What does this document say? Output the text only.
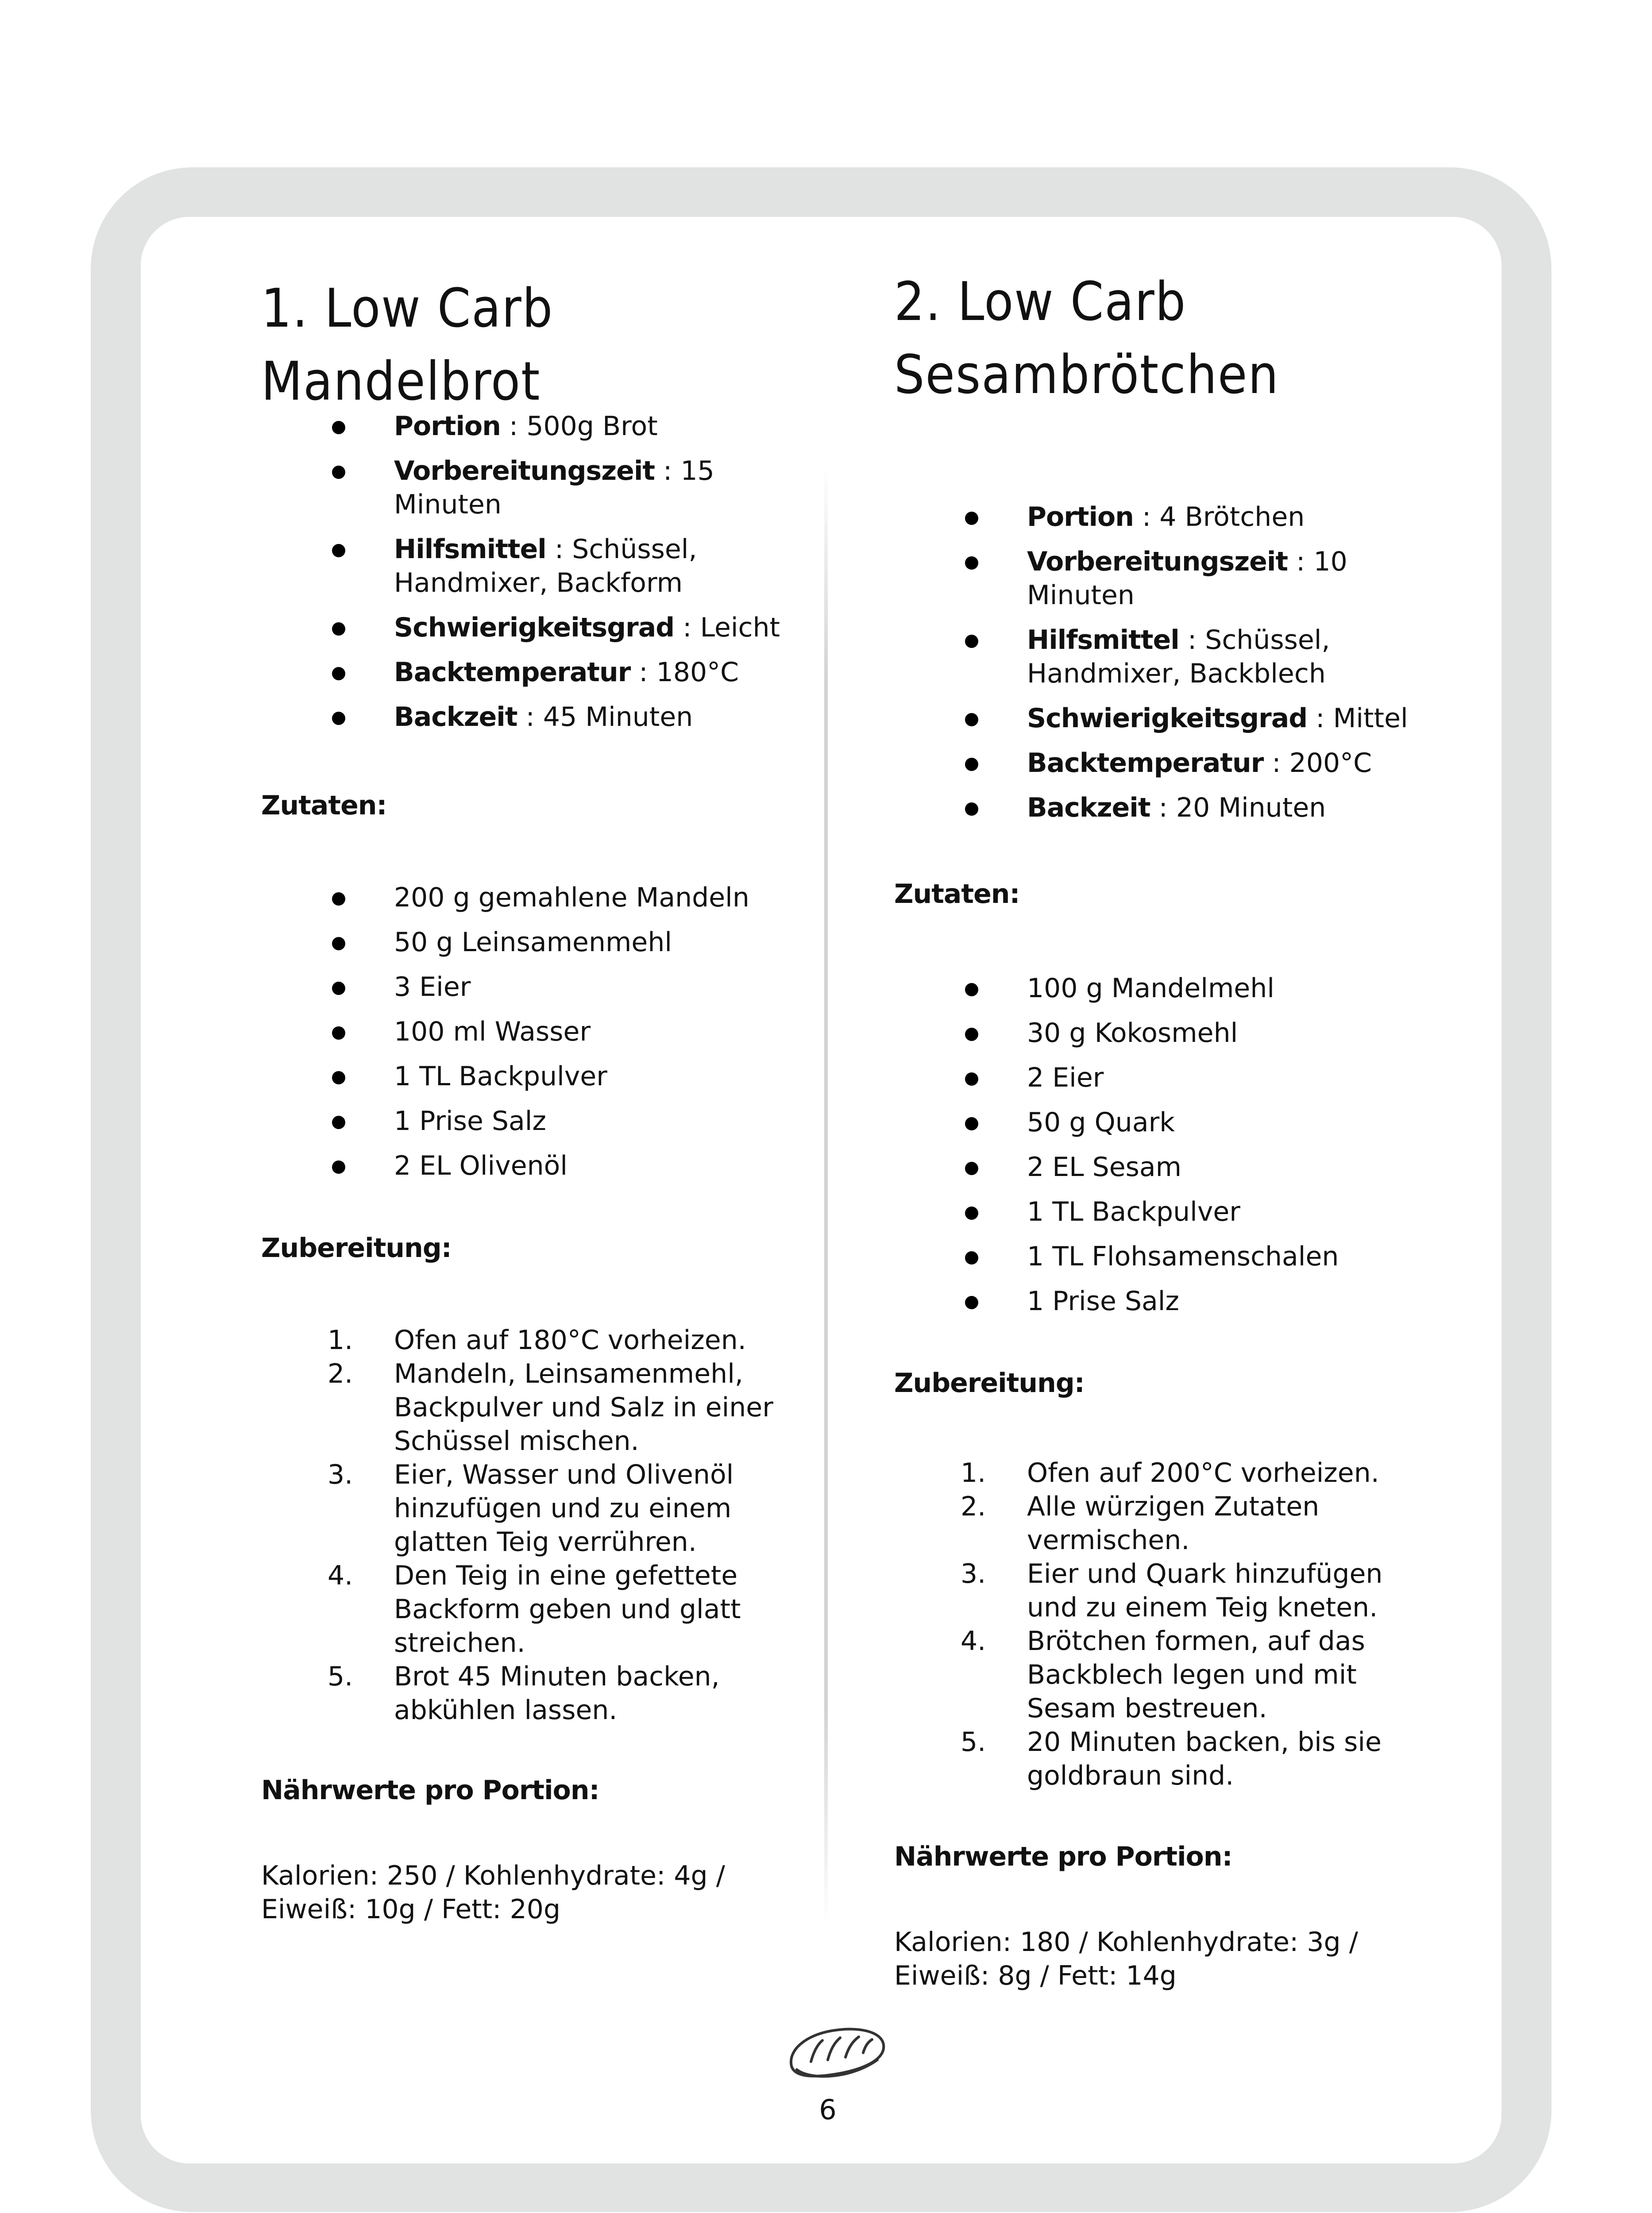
1. Low Carb Mandelbrot
Portion : 500g Brot
Vorbereitungszeit : 15 Minuten
Hilfsmittel : Schüssel, Handmixer, Backform
Schwierigkeitsgrad : Leicht
Backtemperatur : 180°C
Backzeit : 45 Minuten

Zutaten:

200 g gemahlene Mandeln
50 g Leinsamenmehl
3 Eier
100 ml Wasser
1 TL Backpulver
1 Prise Salz
2 EL Olivenöl

Zubereitung:

1. Ofen auf 180°C vorheizen.
2. Mandeln, Leinsamenmehl, Backpulver und Salz in einer Schüssel mischen.
3. Eier, Wasser und Olivenöl hinzufügen und zu einem glatten Teig verrühren.
4. Den Teig in eine gefettete Backform geben und glatt streichen.
5. Brot 45 Minuten backen, abkühlen lassen.

Nährwerte pro Portion:

Kalorien: 250 / Kohlenhydrate: 4g / Eiweiß: 10g / Fett: 20g

2. Low Carb
Sesambrötchen
Portion : 4 Brötchen
Vorbereitungszeit : 10 Minuten
Hilfsmittel : Schüssel, Handmixer, Backblech
Schwierigkeitsgrad : Mittel
Backtemperatur : 200°C
Backzeit : 20 Minuten

Zutaten:

100 g Mandelmehl
30 g Kokosmehl
2 Eier
50 g Quark
2 EL Sesam
1 TL Backpulver
1 TL Flohsamenschalen
1 Prise Salz

Zubereitung:

1. Ofen auf 200°C vorheizen.
2. Alle würzigen Zutaten vermischen.
3. Eier und Quark hinzufügen und zu einem Teig kneten.
4. Brötchen formen, auf das Backblech legen und mit Sesam bestreuen.
5. 20 Minuten backen, bis sie goldbraun sind.

Nährwerte pro Portion:

Kalorien: 180 / Kohlenhydrate: 3g / Eiweiß: 8g / Fett: 14g

6
